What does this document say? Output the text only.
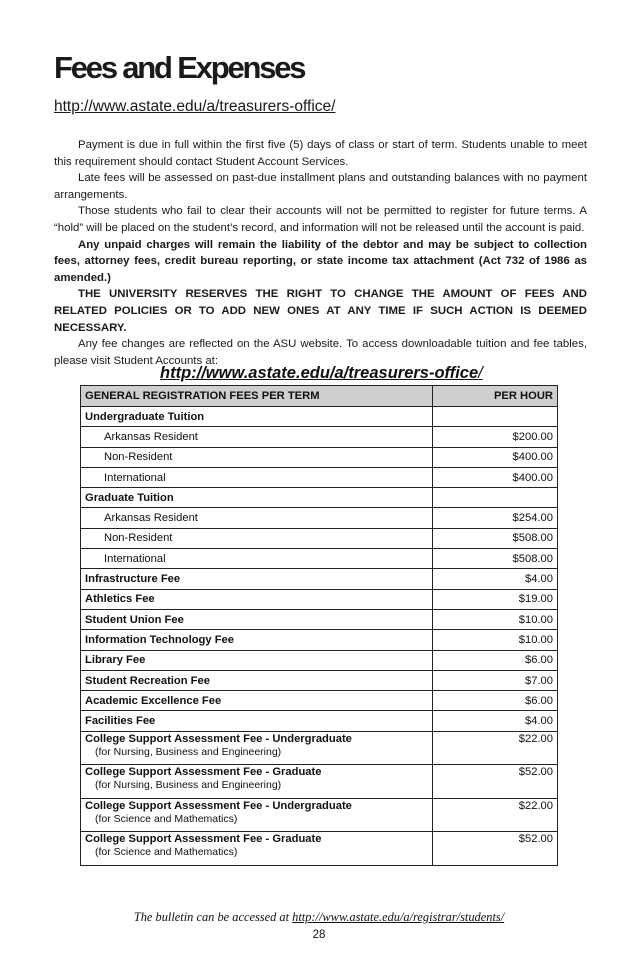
Fees and Expenses
http://www.astate.edu/a/treasurers-office/

Payment is due in full within the first five (5) days of class or start of term. Students unable to meet this requirement should contact Student Account Services.

Late fees will be assessed on past-due installment plans and outstanding balances with no payment arrangements.

Those students who fail to clear their accounts will not be permitted to register for future terms. A “hold” will be placed on the student’s record, and information will not be released until the account is paid.

Any unpaid charges will remain the liability of the debtor and may be subject to collection fees, attorney fees, credit bureau reporting, or state income tax attachment (Act 732 of 1986 as amended.)

THE UNIVERSITY RESERVES THE RIGHT TO CHANGE THE AMOUNT OF FEES AND RELATED POLICIES OR TO ADD NEW ONES AT ANY TIME IF SUCH ACTION IS DEEMED NECESSARY.

Any fee changes are reflected on the ASU website. To access downloadable tuition and fee tables, please visit Student Accounts at:

http://www.astate.edu/a/treasurers-office/
GENERAL REGISTRATION FEES PER TERM	PER HOUR
Undergraduate Tuition	
Arkansas Resident	$200.00
Non-Resident	$400.00
International	$400.00
Graduate Tuition	
Arkansas Resident	$254.00
Non-Resident	$508.00
International	$508.00
Infrastructure Fee	$4.00
Athletics Fee	$19.00
Student Union Fee	$10.00
Information Technology Fee	$10.00
Library Fee	$6.00
Student Recreation Fee	$7.00
Academic Excellence Fee	$6.00
Facilities Fee	$4.00
College Support Assessment Fee - Undergraduate
(for Nursing, Business and Engineering)	$22.00
College Support Assessment Fee - Graduate
(for Nursing, Business and Engineering)	$52.00
College Support Assessment Fee - Undergraduate
(for Science and Mathematics)	$22.00
College Support Assessment Fee - Graduate
(for Science and Mathematics)	$52.00
The bulletin can be accessed at http://www.astate.edu/a/registrar/students/
28
